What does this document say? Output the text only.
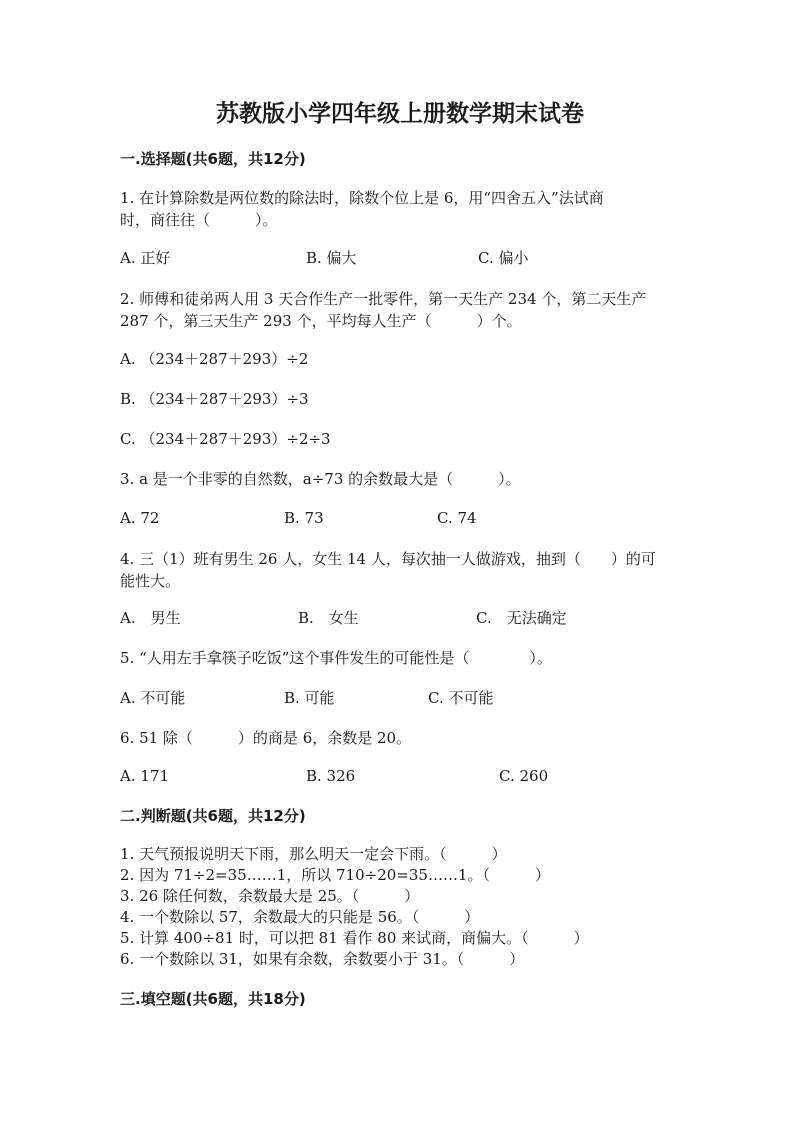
苏教版小学四年级上册数学期末试卷
一.选择题(共6题，共12分)
1. 在计算除数是两位数的除法时，除数个位上是 6，用“四舍五入”法试商
时，商往往（　　　）。
A. 正好	B. 偏大	C. 偏小
2. 师傅和徒弟两人用 3 天合作生产一批零件，第一天生产 234 个，第二天生产
287 个，第三天生产 293 个，平均每人生产（　　　）个。
A. （234＋287＋293）÷2
B. （234＋287＋293）÷3
C. （234＋287＋293）÷2÷3
3. a 是一个非零的自然数，a÷73 的余数最大是（　　　）。
A. 72	B. 73	C. 74
4. 三（1）班有男生 26 人，女生 14 人，每次抽一人做游戏，抽到（　　）的可
能性大。
A.　男生	B.　女生	C.　无法确定
5. “人用左手拿筷子吃饭”这个事件发生的可能性是（　　　　）。
A. 不可能	B. 可能	C. 不可能
6. 51 除（　　　）的商是 6，余数是 20。
A. 171	B. 326	C. 260
二.判断题(共6题，共12分)
1. 天气预报说明天下雨，那么明天一定会下雨。（　　　）
2. 因为 71÷2=35……1，所以 710÷20=35……1。（　　　）
3. 26 除任何数，余数最大是 25。（　　　）
4. 一个数除以 57，余数最大的只能是 56。（　　　）
5. 计算 400÷81 时，可以把 81 看作 80 来试商，商偏大。（　　　）
6. 一个数除以 31，如果有余数，余数要小于 31。（　　　）
三.填空题(共6题，共18分)
